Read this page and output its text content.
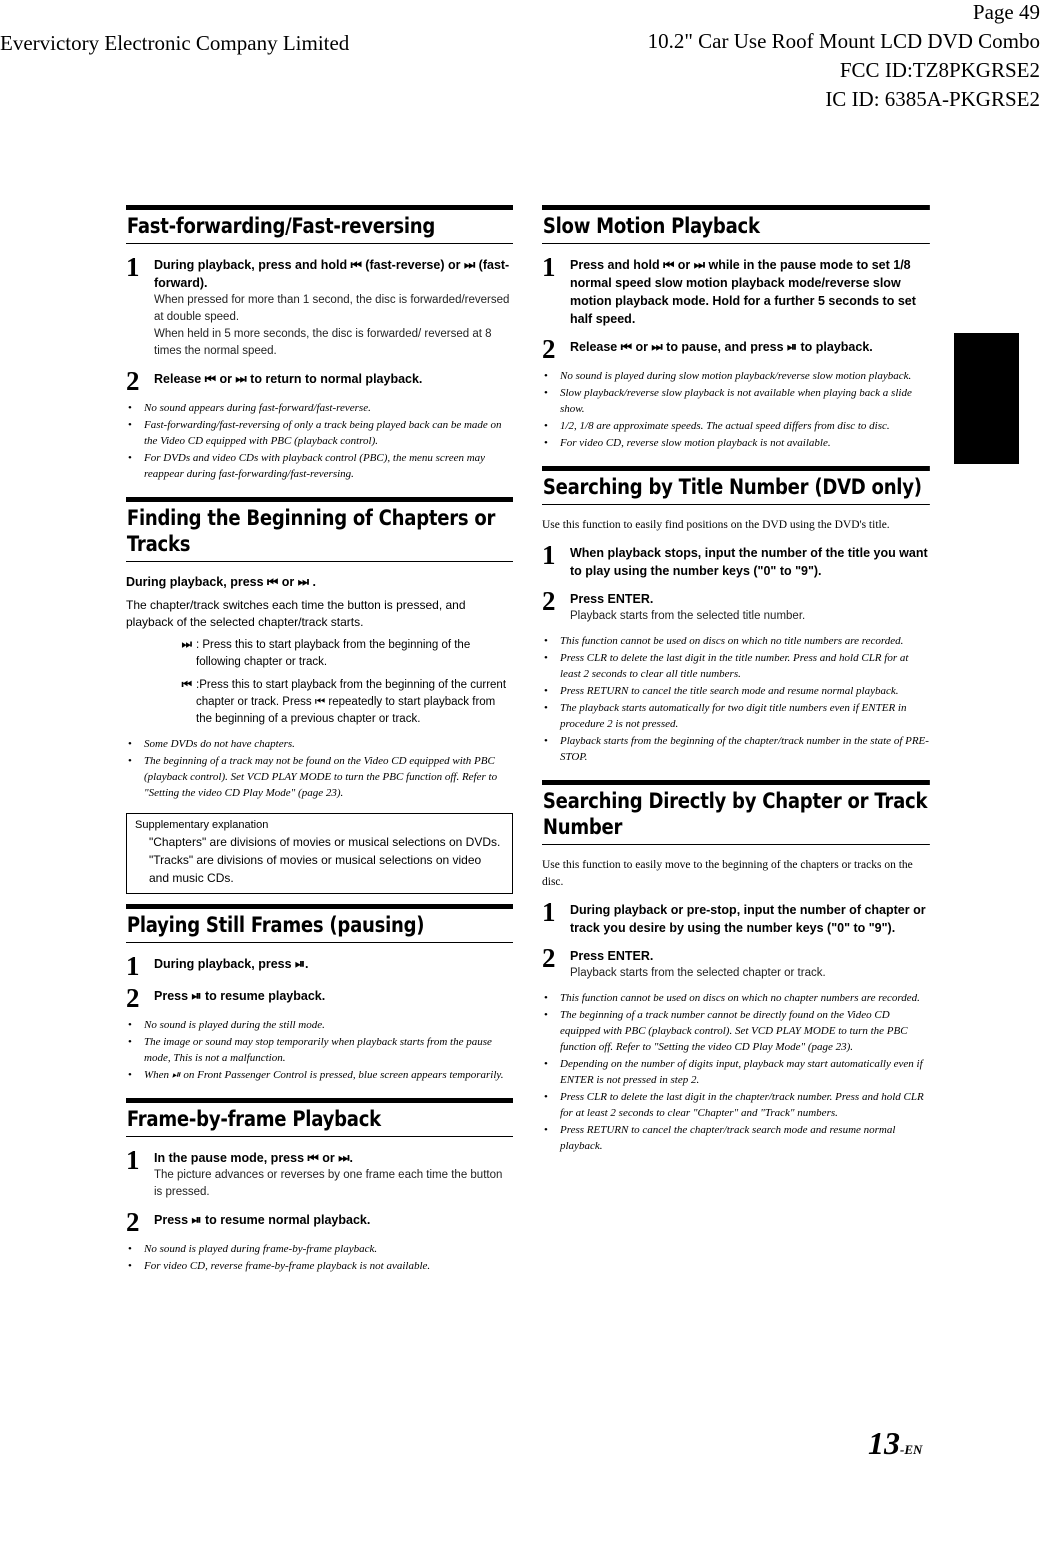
Evervictory Electronic Company Limited
Page 49
10.2" Car Use Roof Mount LCD DVD Combo
FCC ID:TZ8PKGRSE2
IC ID: 6385A-PKGRSE2
Fast-forwarding/Fast-reversing
1	During playback, press and hold ⏮ (fast-reverse) or ⏭ (fast-forward).
When pressed for more than 1 second, the disc is forwarded/reversed at double speed.
When held in 5 more seconds, the disc is forwarded/ reversed at 8 times the normal speed.
2	Release ⏮ or ⏭ to return to normal playback.
• No sound appears during fast-forward/fast-reverse.
• Fast-forwarding/fast-reversing of only a track being played back can be made on the Video CD equipped with PBC (playback control).
• For DVDs and video CDs with playback control (PBC), the menu screen may reappear during fast-forwarding/fast-reversing.
Finding the Beginning of Chapters or Tracks
During playback, press ⏮ or ⏭ .
The chapter/track switches each time the button is pressed, and playback of the selected chapter/track starts.
⏭ : Press this to start playback from the beginning of the following chapter or track.
⏮ :Press this to start playback from the beginning of the current chapter or track. Press ⏮ repeatedly to start playback from the beginning of a previous chapter or track.
• Some DVDs do not have chapters.
• The beginning of a track may not be found on the Video CD equipped with PBC (playback control). Set VCD PLAY MODE to turn the PBC function off. Refer to "Setting the video CD Play Mode" (page 23).
Supplementary explanation
"Chapters" are divisions of movies or musical selections on DVDs.
"Tracks" are divisions of movies or musical selections on video and music CDs.
Playing Still Frames (pausing)
1	During playback, press ⏯.
2	Press ⏯ to resume playback.
• No sound is played during the still mode.
• The image or sound may stop temporarily when playback starts from the pause mode, This is not a malfunction.
• When ⏯ on Front Passenger Control is pressed, blue screen appears temporarily.
Frame-by-frame Playback
1	In the pause mode, press ⏮ or ⏭.
The picture advances or reverses by one frame each time the button is pressed.
2	Press ⏯ to resume normal playback.
• No sound is played during frame-by-frame playback.
• For video CD, reverse frame-by-frame playback is not available.
Slow Motion Playback
1	Press and hold ⏮ or ⏭ while in the pause mode to set 1/8 normal speed slow motion playback mode/reverse slow motion playback mode. Hold for a further 5 seconds to set half speed.
2	Release ⏮ or ⏭ to pause, and press ⏯ to playback.
• No sound is played during slow motion playback/reverse slow motion playback.
• Slow playback/reverse slow playback is not available when playing back a slide show.
• 1/2, 1/8 are approximate speeds. The actual speed differs from disc to disc.
• For video CD, reverse slow motion playback is not available.
Searching by Title Number (DVD only)
Use this function to easily find positions on the DVD using the DVD's title.
1	When playback stops, input the number of the title you want to play using the number keys ("0" to "9").
2	Press ENTER.
Playback starts from the selected title number.
• This function cannot be used on discs on which no title numbers are recorded.
• Press CLR to delete the last digit in the title number. Press and hold CLR for at least 2 seconds to clear all title numbers.
• Press RETURN to cancel the title search mode and resume normal playback.
• The playback starts automatically for two digit title numbers even if ENTER in procedure 2 is not pressed.
• Playback starts from the beginning of the chapter/track number in the state of PRE-STOP.
Searching Directly by Chapter or Track Number
Use this function to easily move to the beginning of the chapters or tracks on the disc.
1	During playback or pre-stop, input the number of chapter or track you desire by using the number keys ("0" to "9").
2	Press ENTER.
Playback starts from the selected chapter or track.
• This function cannot be used on discs on which no chapter numbers are recorded.
• The beginning of a track number cannot be directly found on the Video CD equipped with PBC (playback control). Set VCD PLAY MODE to turn the PBC function off. Refer to "Setting the video CD Play Mode" (page 23).
• Depending on the number of digits input, playback may start automatically even if ENTER is not pressed in step 2.
• Press CLR to delete the last digit in the chapter/track number. Press and hold CLR for at least 2 seconds to clear "Chapter" and "Track" numbers.
• Press RETURN to cancel the chapter/track search mode and resume normal playback.
13-EN
